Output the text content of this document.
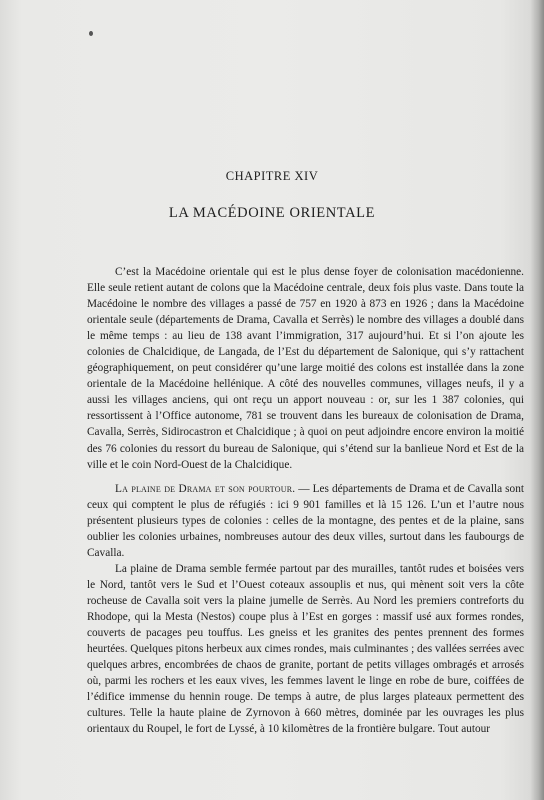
CHAPITRE XIV
LA MACÉDOINE ORIENTALE

C’est la Macédoine orientale qui est le plus dense foyer de colonisation macédonienne. Elle seule retient autant de colons que la Macédoine centrale, deux fois plus vaste. Dans toute la Macédoine le nombre des villages a passé de 757 en 1920 à 873 en 1926 ; dans la Macédoine orientale seule (départements de Drama, Cavalla et Serrès) le nombre des villages a doublé dans le même temps : au lieu de 138 avant l’immigration, 317 aujourd’hui. Et si l’on ajoute les colonies de Chalcidique, de Langada, de l’Est du département de Salonique, qui s’y rattachent géographiquement, on peut considérer qu’une large moitié des colons est installée dans la zone orientale de la Macédoine hellénique. A côté des nouvelles communes, villages neufs, il y a aussi les villages anciens, qui ont reçu un apport nouveau : or, sur les 1 387 colonies, qui ressortissent à l’Office autonome, 781 se trouvent dans les bureaux de colonisation de Drama, Cavalla, Serrès, Sidirocastron et Chalcidique ; à quoi on peut adjoindre encore environ la moitié des 76 colonies du ressort du bureau de Salonique, qui s’étend sur la banlieue Nord et Est de la ville et le coin Nord-Ouest de la Chalcidique.

La plaine de Drama et son pourtour. — Les départements de Drama et de Cavalla sont ceux qui comptent le plus de réfugiés : ici 9 901 familles et là 15 126. L’un et l’autre nous présentent plusieurs types de colonies : celles de la montagne, des pentes et de la plaine, sans oublier les colonies urbaines, nombreuses autour des deux villes, surtout dans les faubourgs de Cavalla.

La plaine de Drama semble fermée partout par des murailles, tantôt rudes et boisées vers le Nord, tantôt vers le Sud et l’Ouest coteaux assouplis et nus, qui mènent soit vers la côte rocheuse de Cavalla soit vers la plaine jumelle de Serrès. Au Nord les premiers contreforts du Rhodope, qui la Mesta (Nestos) coupe plus à l’Est en gorges : massif usé aux formes rondes, couverts de pacages peu touffus. Les gneiss et les granites des pentes prennent des formes heurtées. Quelques pitons herbeux aux cimes rondes, mais culminantes ; des vallées serrées avec quelques arbres, encombrées de chaos de granite, portant de petits villages ombragés et arrosés où, parmi les rochers et les eaux vives, les femmes lavent le linge en robe de bure, coiffées de l’édifice immense du hennin rouge. De temps à autre, de plus larges plateaux permettent des cultures. Telle la haute plaine de Zyrnovon à 660 mètres, dominée par les ouvrages les plus orientaux du Roupel, le fort de Lyssé, à 10 kilomètres de la frontière bulgare. Tout autour
